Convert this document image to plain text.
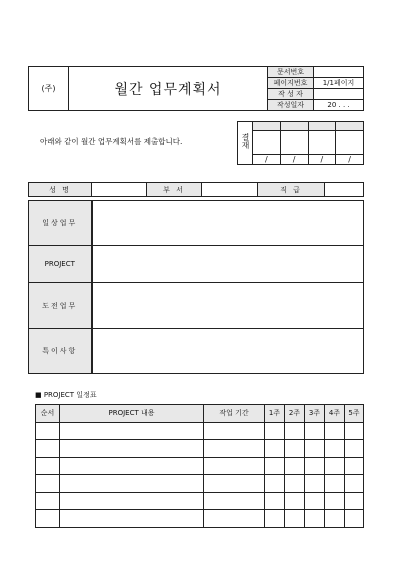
(주)	월간 업무계획서	문서번호	
		페이지번호	1/1페이지
		작 성 자	
		작성일자	20 . . .
아래와 같이 월간 업무계획서를 제출합니다.	결재				

	/	/	/	/
성 명		부 서		직 급	
일상업무	
PROJECT	
도전업무	
특이사항	
■ PROJECT 일정표
순서	PROJECT 내용	작업 기간	1주	2주	3주	4주	5주
